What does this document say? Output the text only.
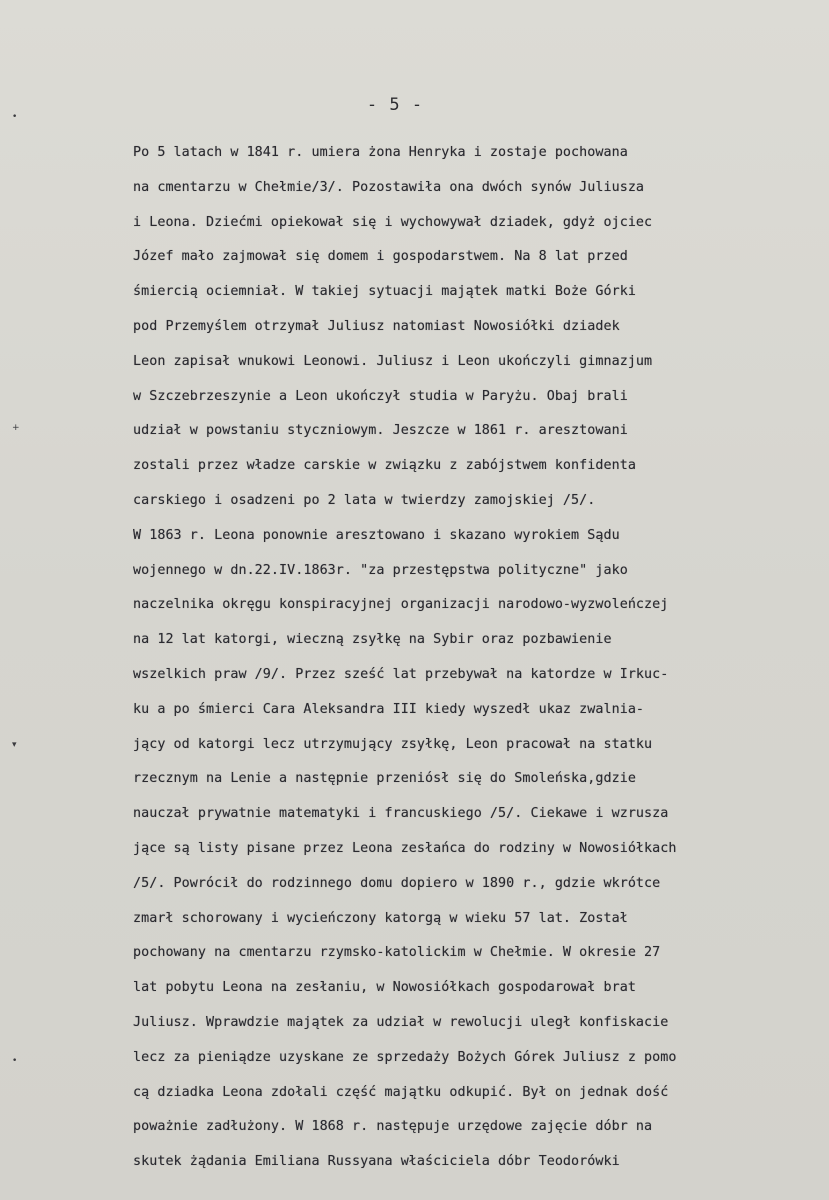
•
+
▾
•
- 5 -
Po 5 latach w 1841 r. umiera żona Henryka i zostaje pochowana
na cmentarzu w Chełmie/3/. Pozostawiła ona dwóch synów Juliusza
i Leona. Dziećmi opiekował się i wychowywał dziadek, gdyż ojciec
Józef mało zajmował się domem i gospodarstwem. Na 8 lat przed
śmiercią ociemniał. W takiej sytuacji majątek matki Boże Górki
pod Przemyślem otrzymał Juliusz natomiast Nowosiółki dziadek
Leon zapisał wnukowi Leonowi. Juliusz i Leon ukończyli gimnazjum
w Szczebrzeszynie a Leon ukończył studia w Paryżu. Obaj brali
udział w powstaniu styczniowym. Jeszcze w 1861 r. aresztowani
zostali przez władze carskie w związku z zabójstwem konfidenta
carskiego i osadzeni po 2 lata w twierdzy zamojskiej /5/.
W 1863 r. Leona ponownie aresztowano i skazano wyrokiem Sądu
wojennego w dn.22.IV.1863r. "za przestępstwa polityczne" jako
naczelnika okręgu konspiracyjnej organizacji narodowo-wyzwoleńczej
na 12 lat katorgi, wieczną zsyłkę na Sybir oraz pozbawienie
wszelkich praw /9/. Przez sześć lat przebywał na katordze w Irkuc-
ku a po śmierci Cara Aleksandra III kiedy wyszedł ukaz zwalnia-
jący od katorgi lecz utrzymujący zsyłkę, Leon pracował na statku
rzecznym na Lenie a następnie przeniósł się do Smoleńska,gdzie
nauczał prywatnie matematyki i francuskiego /5/. Ciekawe i wzrusza
jące są listy pisane przez Leona zesłańca do rodziny w Nowosiółkach
/5/. Powrócił do rodzinnego domu dopiero w 1890 r., gdzie wkrótce
zmarł schorowany i wycieńczony katorgą w wieku 57 lat. Został
pochowany na cmentarzu rzymsko-katolickim w Chełmie. W okresie 27
lat pobytu Leona na zesłaniu, w Nowosiółkach gospodarował brat
Juliusz. Wprawdzie majątek za udział w rewolucji uległ konfiskacie
lecz za pieniądze uzyskane ze sprzedaży Bożych Górek Juliusz z pomo
cą dziadka Leona zdołali część majątku odkupić. Był on jednak dość
poważnie zadłużony. W 1868 r. następuje urzędowe zajęcie dóbr na
skutek żądania Emiliana Russyana właściciela dóbr Teodorówki
